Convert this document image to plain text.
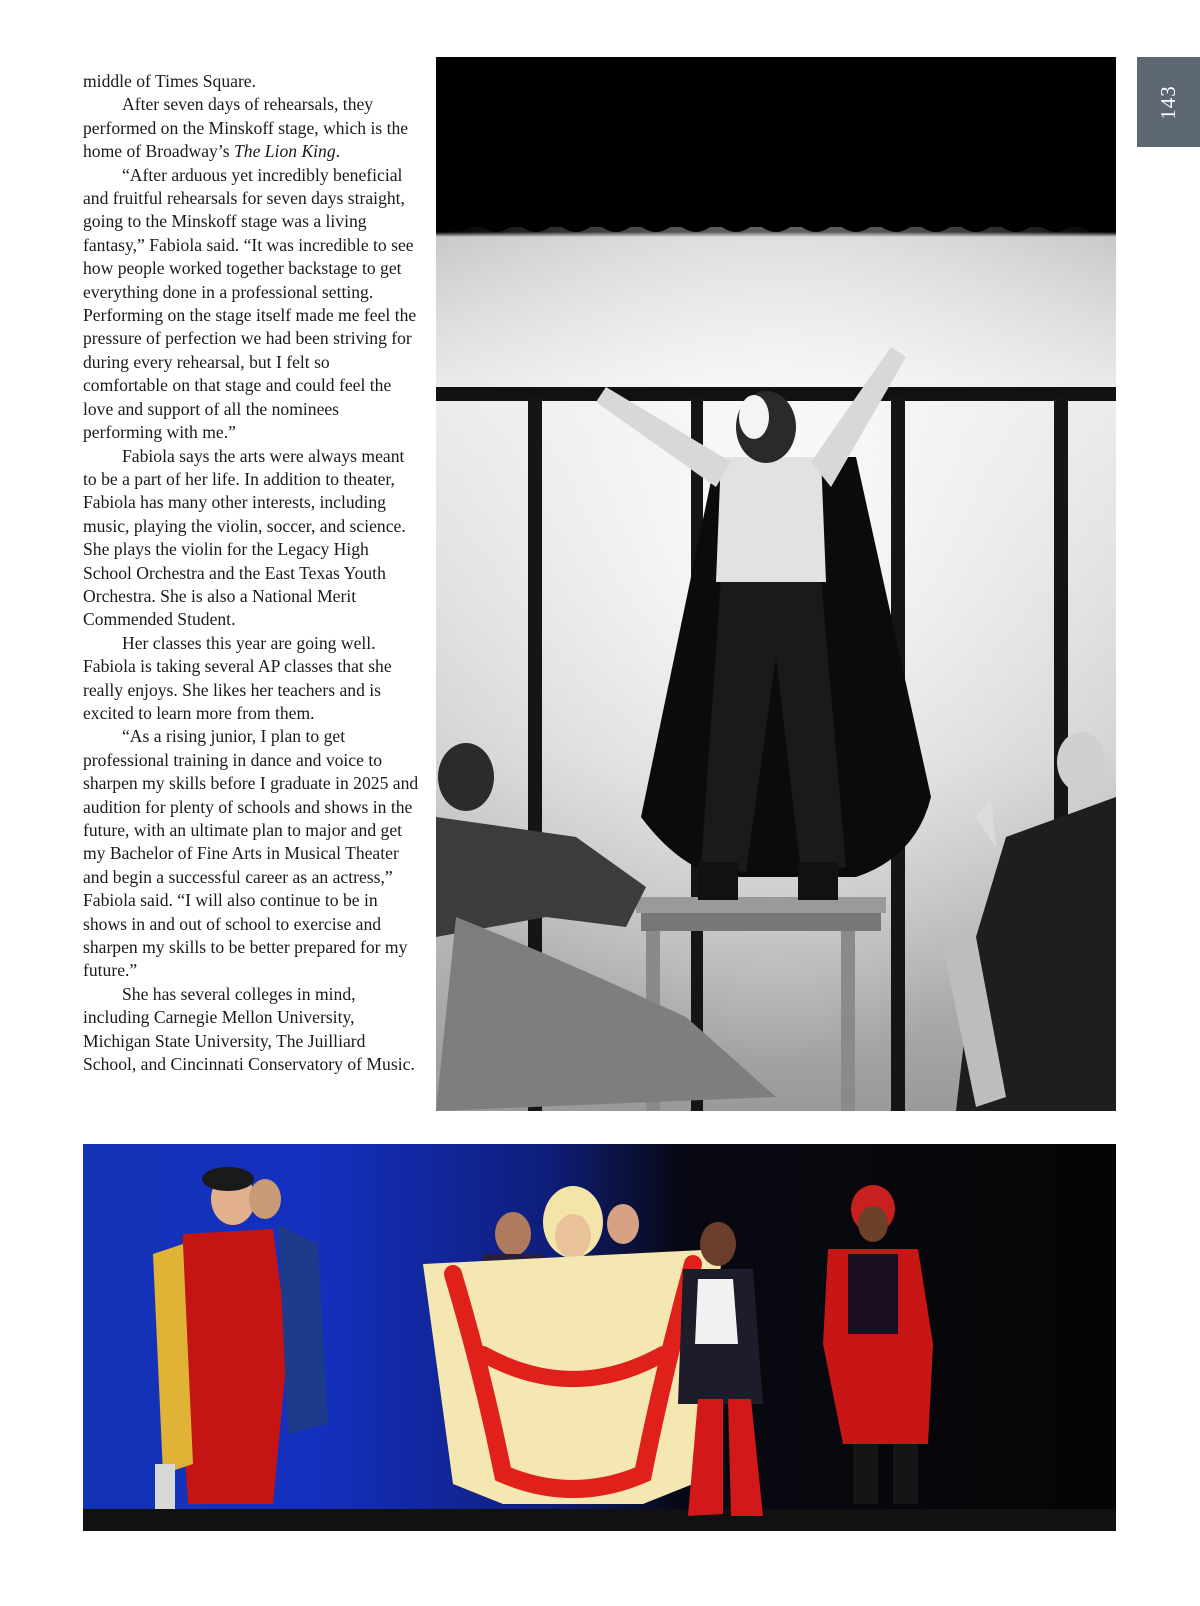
143

middle of Times Square.

After seven days of rehearsals, they performed on the Minskoff stage, which is the home of Broadway’s The Lion King.

“After arduous yet incredibly beneficial and fruitful rehearsals for seven days straight, going to the Minskoff stage was a living fantasy,” Fabiola said. “It was incredible to see how people worked together backstage to get everything done in a professional setting. Performing on the stage itself made me feel the pressure of perfection we had been striving for during every rehearsal, but I felt so comfortable on that stage and could feel the love and support of all the nominees performing with me.”

Fabiola says the arts were always meant to be a part of her life. In addition to theater, Fabiola has many other interests, including music, playing the violin, soccer, and science. She plays the violin for the Legacy High School Orchestra and the East Texas Youth Orchestra. She is also a National Merit Commended Student.

Her classes this year are going well. Fabiola is taking several AP classes that she really enjoys. She likes her teachers and is excited to learn more from them.

“As a rising junior, I plan to get professional training in dance and voice to sharpen my skills before I graduate in 2025 and audition for plenty of schools and shows in the future, with an ultimate plan to major and get my Bachelor of Fine Arts in Musical Theater and begin a successful career as an actress,” Fabiola said. “I will also continue to be in shows in and out of school to exercise and sharpen my skills to be better prepared for my future.”

She has several colleges in mind, including Carnegie Mellon University, Michigan State University, The Juilliard School, and Cincinnati Conservatory of Music.
